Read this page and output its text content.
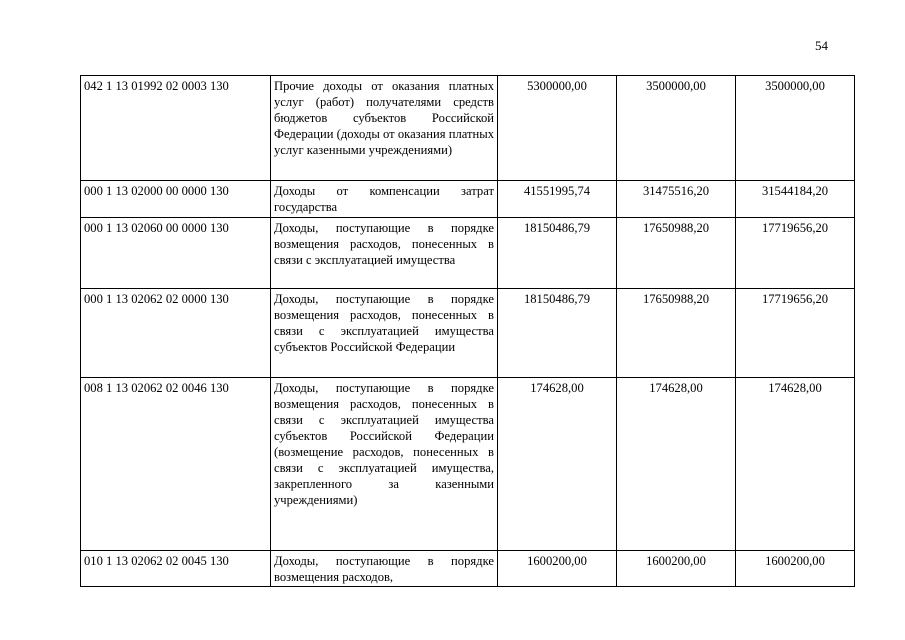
54
042 1 13 01992 02 0003 130	Прочие доходы от оказания платных услуг (работ) получателями средств бюджетов субъектов Российской Федерации (доходы от оказания платных услуг казенными учреждениями)	5300000,00	3500000,00	3500000,00
000 1 13 02000 00 0000 130	Доходы от компенсации затрат государства	41551995,74	31475516,20	31544184,20
000 1 13 02060 00 0000 130	Доходы, поступающие в порядке возмещения расходов, понесенных в связи с эксплуатацией имущества	18150486,79	17650988,20	17719656,20
000 1 13 02062 02 0000 130	Доходы, поступающие в порядке возмещения расходов, понесенных в связи с эксплуатацией имущества субъектов Российской Федерации	18150486,79	17650988,20	17719656,20
008 1 13 02062 02 0046 130	Доходы, поступающие в порядке возмещения расходов, понесенных в связи с эксплуатацией имущества субъектов Российской Федерации (возмещение расходов, понесенных в связи с эксплуатацией имущества, закрепленного за казенными учреждениями)	174628,00	174628,00	174628,00
010 1 13 02062 02 0045 130	Доходы, поступающие в порядке возмещения расходов,	1600200,00	1600200,00	1600200,00
